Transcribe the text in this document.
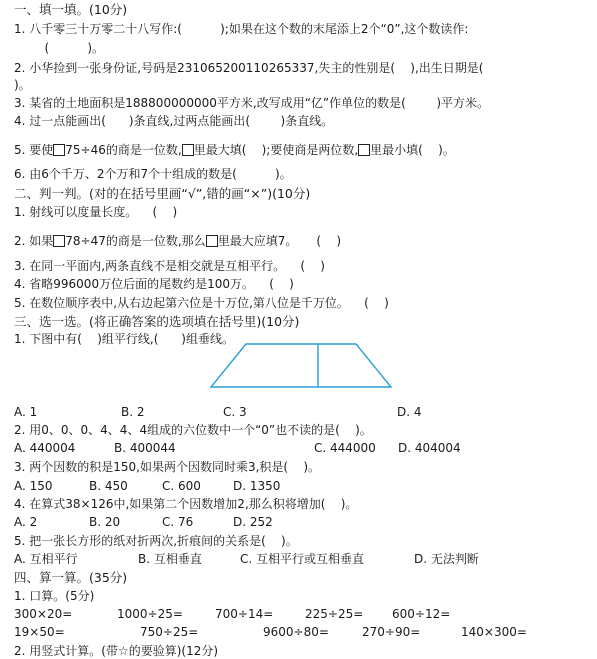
一、填一填。(10分)
1. 八千零三十万零二十八写作:(          );如果在这个数的末尾添上2个“0”,这个数读作:
(          )。
2. 小华捡到一张身份证,号码是231065200110265337,失主的性别是(    ),出生日期是(
)。
3. 某省的土地面积是188800000000平方米,改写成用“亿”作单位的数是(        )平方米。
4. 过一点能画出(      )条直线,过两点能画出(        )条直线。
5. 要使 75÷46的商是一位数, 里最大填(    );要使商是两位数, 里最小填(    )。
6. 由6个千万、2个万和7个十组成的数是(          )。
二、判一判。(对的在括号里画“√”,错的画“×”)(10分)
1. 射线可以度量长度。    (    )
2. 如果 78÷47的商是一位数,那么 里最大应填7。     (    )
3. 在同一平面内,两条直线不是相交就是互相平行。    (    )
4. 省略996000万位后面的尾数约是100万。    (    )
5. 在数位顺序表中,从右边起第六位是十万位,第八位是千万位。    (    )
三、选一选。(将正确答案的选项填在括号里)(10分)
1. 下图中有(    )组平行线,(      )组垂线。
A. 1	B. 2	C. 3	D. 4
2. 用0、0、0、4、4、4组成的六位数中一个“0”也不读的是(    )。
A. 440004	B. 400044	C. 444000 D. 404004
3. 两个因数的积是150,如果两个因数同时乘3,积是(    )。
A. 150	B. 450	C. 600	D. 1350
4. 在算式38×126中,如果第二个因数增加2,那么积将增加(    )。
A. 2	B. 20	C. 76	D. 252
5. 把一张长方形的纸对折两次,折痕间的关系是(    )。
A. 互相平行	B. 互相垂直	C. 互相平行或互相垂直	D. 无法判断
四、算一算。(35分)
1. 口算。(5分)
300×20=	1000÷25=	700÷14=	225÷25= 600÷12=
19×50=	750÷25=	9600÷80=	270÷90=	140×300=
2. 用竖式计算。(带☆的要验算)(12分)
